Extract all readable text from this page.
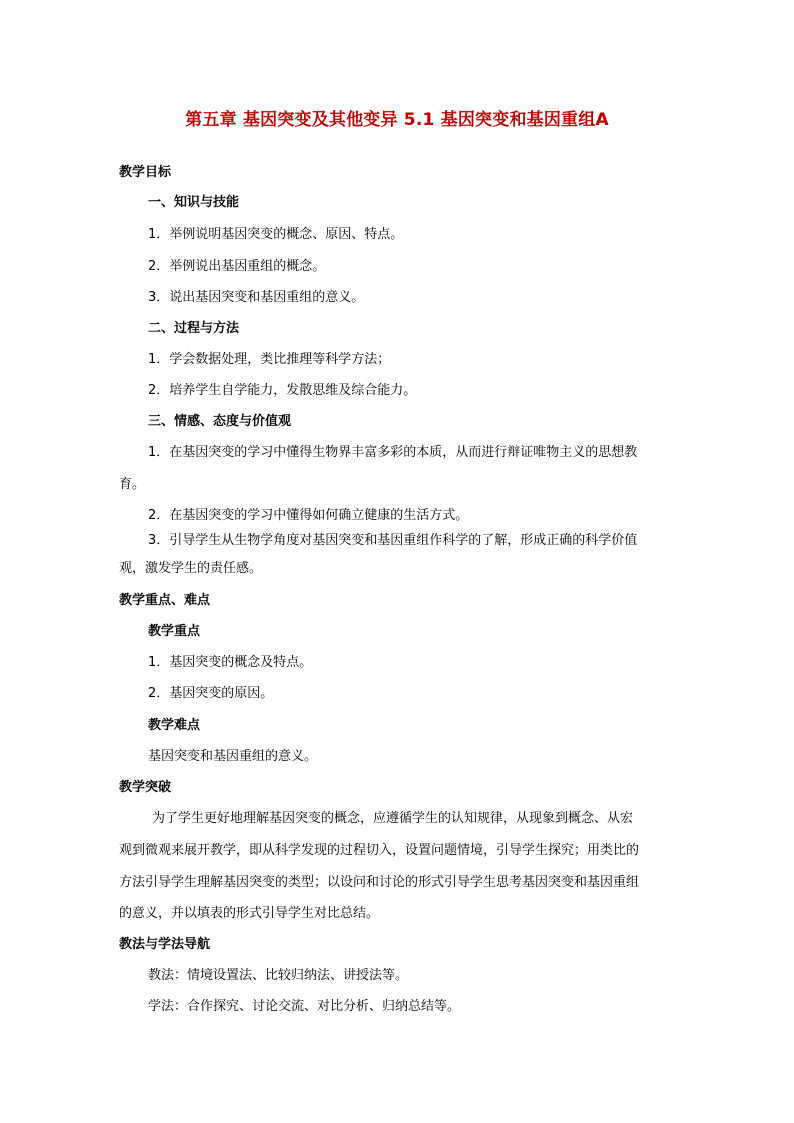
第五章 基因突变及其他变异 5.1 基因突变和基因重组A
教学目标
一、知识与技能
1．举例说明基因突变的概念、原因、特点。
2．举例说出基因重组的概念。
3．说出基因突变和基因重组的意义。
二、过程与方法
1．学会数据处理，类比推理等科学方法；
2．培养学生自学能力，发散思维及综合能力。
三、情感、态度与价值观
1．在基因突变的学习中懂得生物界丰富多彩的本质，从而进行辩证唯物主义的思想教
育。
2．在基因突变的学习中懂得如何确立健康的生活方式。
3．引导学生从生物学角度对基因突变和基因重组作科学的了解，形成正确的科学价值
观，激发学生的责任感。
教学重点、难点
教学重点
1．基因突变的概念及特点。
2．基因突变的原因。
教学难点
基因突变和基因重组的意义。
教学突破
为了学生更好地理解基因突变的概念，应遵循学生的认知规律，从现象到概念、从宏
观到微观来展开教学，即从科学发现的过程切入，设置问题情境，引导学生探究；用类比的
方法引导学生理解基因突变的类型；以设问和讨论的形式引导学生思考基因突变和基因重组
的意义，并以填表的形式引导学生对比总结。
教法与学法导航
教法：情境设置法、比较归纳法、讲授法等。
学法：合作探究、讨论交流、对比分析、归纳总结等。
